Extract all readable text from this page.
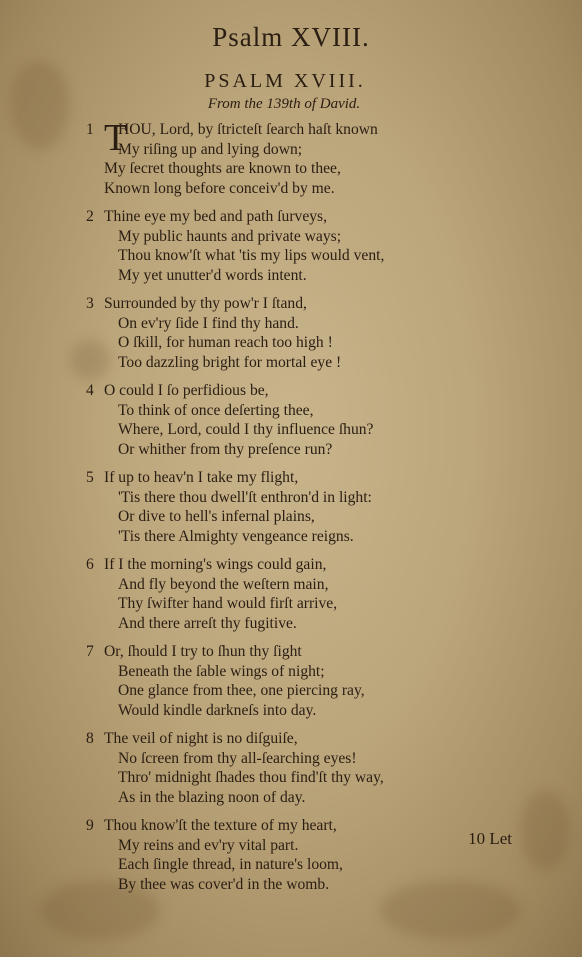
Psalm XVIII.
PSALM XVIII.
From the 139th of David.
1 T
HOU, Lord, by ſtricteſt ſearch haſt known
My riſing up and lying down;
My ſecret thoughts are known to thee,
Known long before conceiv'd by me.
2 Thine eye my bed and path ſurveys,
My public haunts and private ways;
Thou know'ſt what 'tis my lips would vent,
My yet unutter'd words intent.
3 Surrounded by thy pow'r I ſtand,
On ev'ry ſide I find thy hand.
O ſkill, for human reach too high !
Too dazzling bright for mortal eye !
4 O could I ſo perfidious be,
To think of once deſerting thee,
Where, Lord, could I thy influence ſhun?
Or whither from thy preſence run?
5 If up to heav'n I take my flight,
'Tis there thou dwell'ſt enthron'd in light:
Or dive to hell's infernal plains,
'Tis there Almighty vengeance reigns.
6 If I the morning's wings could gain,
And fly beyond the weſtern main,
Thy ſwifter hand would firſt arrive,
And there arreſt thy fugitive.
7 Or, ſhould I try to ſhun thy ſight
Beneath the ſable wings of night;
One glance from thee, one piercing ray,
Would kindle darkneſs into day.
8 The veil of night is no diſguiſe,
No ſcreen from thy all-ſearching eyes!
Thro' midnight ſhades thou find'ſt thy way,
As in the blazing noon of day.
9 Thou know'ſt the texture of my heart,
My reins and ev'ry vital part.
Each ſingle thread, in nature's loom,
By thee was cover'd in the womb.
10 Let
